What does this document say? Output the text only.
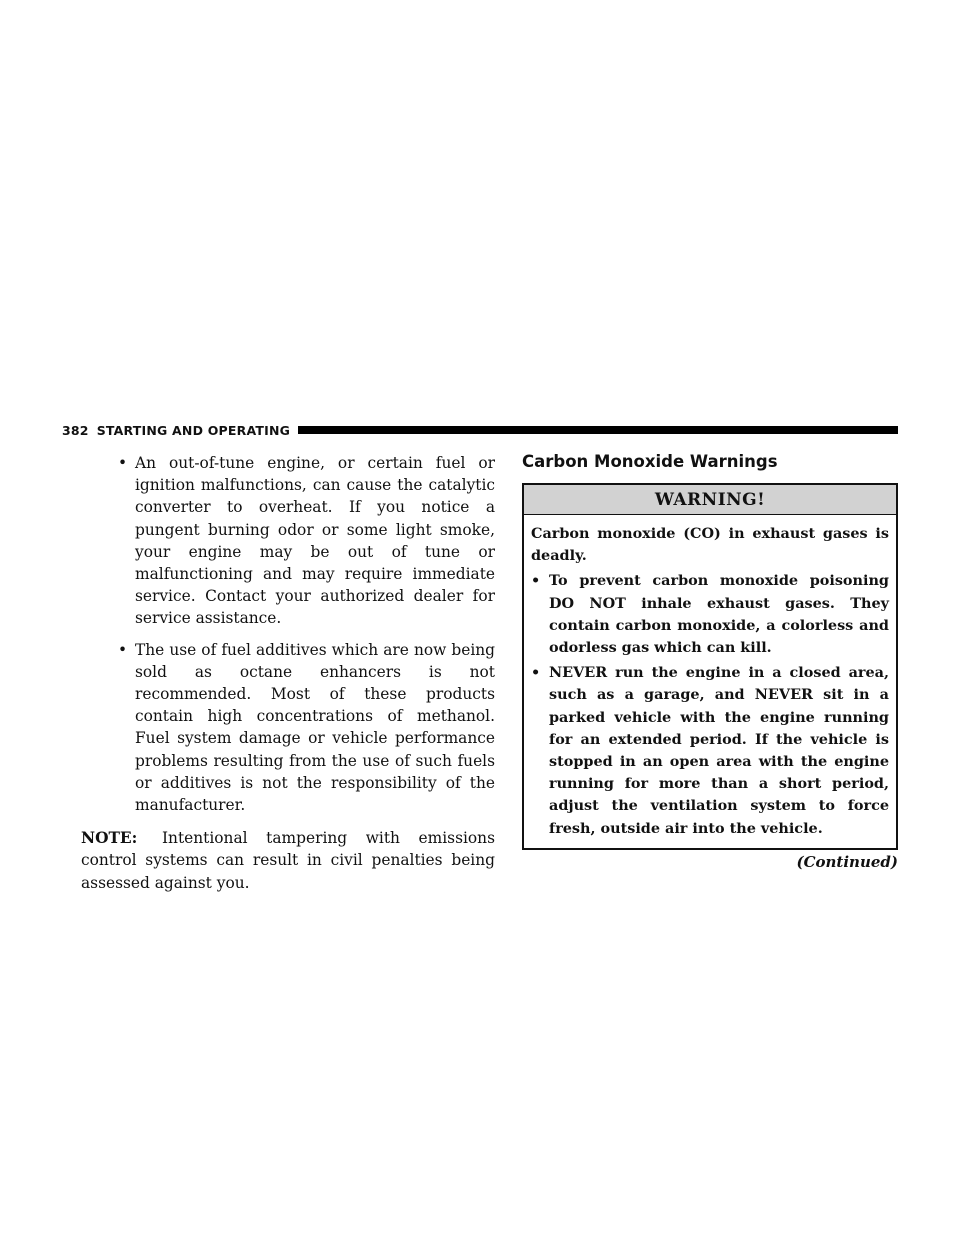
382 STARTING AND OPERATING
• An out-of-tune engine, or certain fuel or ignition malfunctions, can cause the catalytic converter to overheat. If you notice a pungent burning odor or some light smoke, your engine may be out of tune or malfunctioning and may require immediate service. Contact your authorized dealer for service assistance.
• The use of fuel additives which are now being sold as octane enhancers is not recommended. Most of these products contain high concentrations of methanol. Fuel system damage or vehicle performance problems resulting from the use of such fuels or additives is not the responsibility of the manufacturer.
NOTE: Intentional tampering with emissions control systems can result in civil penalties being assessed against you.
Carbon Monoxide Warnings
WARNING!
Carbon monoxide (CO) in exhaust gases is deadly.
• To prevent carbon monoxide poisoning DO NOT inhale exhaust gases. They contain carbon monoxide, a colorless and odorless gas which can kill.
• NEVER run the engine in a closed area, such as a garage, and NEVER sit in a parked vehicle with the engine running for an extended period. If the vehicle is stopped in an open area with the engine running for more than a short period, adjust the ventilation system to force fresh, outside air into the vehicle.
(Continued)
